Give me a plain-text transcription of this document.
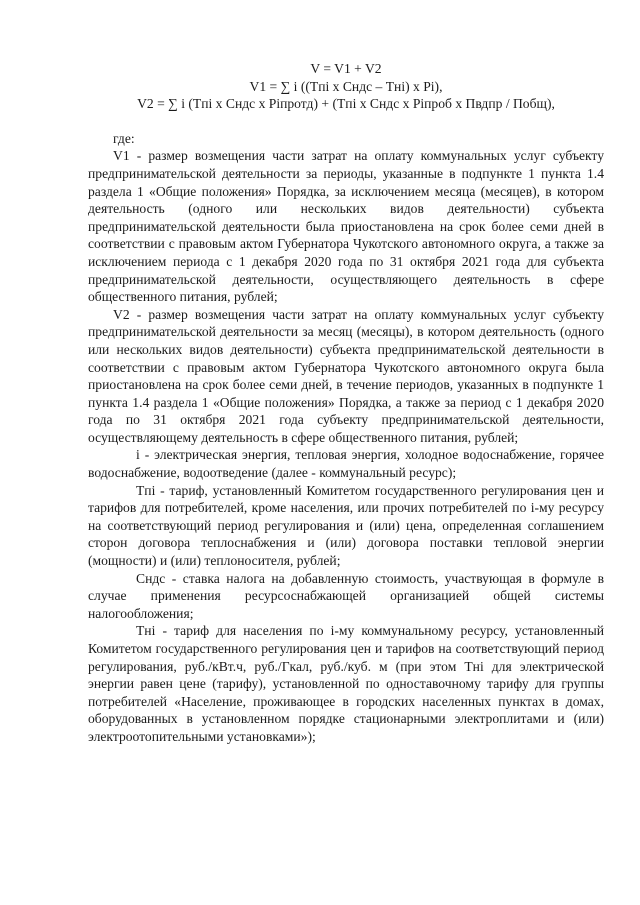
V = V1 + V2

V1 = ∑ i ((Tпi х Cндс – Tнi) х Pi),

V2 = ∑ i (Tпi х Cндс х Piпротд) + (Tпi х Cндс х Piпроб х Пвдпр / Побщ),

где:

V1 - размер возмещения части затрат на оплату коммунальных услуг субъекту предпринимательской деятельности за периоды, указанные в подпункте 1 пункта 1.4 раздела 1 «Общие положения» Порядка, за исключением месяца (месяцев), в котором деятельность (одного или нескольких видов деятельности) субъекта предпринимательской деятельности была приостановлена на срок более семи дней в соответствии с правовым актом Губернатора Чукотского автономного округа, а также за исключением периода с 1 декабря 2020 года по 31 октября 2021 года для субъекта предпринимательской деятельности, осуществляющего деятельность в сфере общественного питания, рублей;

V2 - размер возмещения части затрат на оплату коммунальных услуг субъекту предпринимательской деятельности за месяц (месяцы), в котором деятельность (одного или нескольких видов деятельности) субъекта предпринимательской деятельности в соответствии с правовым актом Губернатора Чукотского автономного округа была приостановлена на срок более семи дней, в течение периодов, указанных в подпункте 1 пункта 1.4 раздела 1 «Общие положения» Порядка, а также за период с 1 декабря 2020 года по 31 октября 2021 года субъекту предпринимательской деятельности, осуществляющему деятельность в сфере общественного питания, рублей;

i - электрическая энергия, тепловая энергия, холодное водоснабжение, горячее водоснабжение, водоотведение (далее - коммунальный ресурс);

Tпi - тариф, установленный Комитетом государственного регулирования цен и тарифов для потребителей, кроме населения, или прочих потребителей по i-му ресурсу на соответствующий период регулирования и (или) цена, определенная соглашением сторон договора теплоснабжения и (или) договора поставки тепловой энергии (мощности) и (или) теплоносителя, рублей;

Cндс - ставка налога на добавленную стоимость, участвующая в формуле в случае применения ресурсоснабжающей организацией общей системы налогообложения;

Tнi - тариф для населения по i-му коммунальному ресурсу, установленный Комитетом государственного регулирования цен и тарифов на соответствующий период регулирования, руб./кВт.ч, руб./Гкал, руб./куб. м (при этом Tнi для электрической энергии равен цене (тарифу), установленной по одноставочному тарифу для группы потребителей «Население, проживающее в городских населенных пунктах в домах, оборудованных в установленном порядке стационарными электроплитами и (или) электроотопительными установками»);
